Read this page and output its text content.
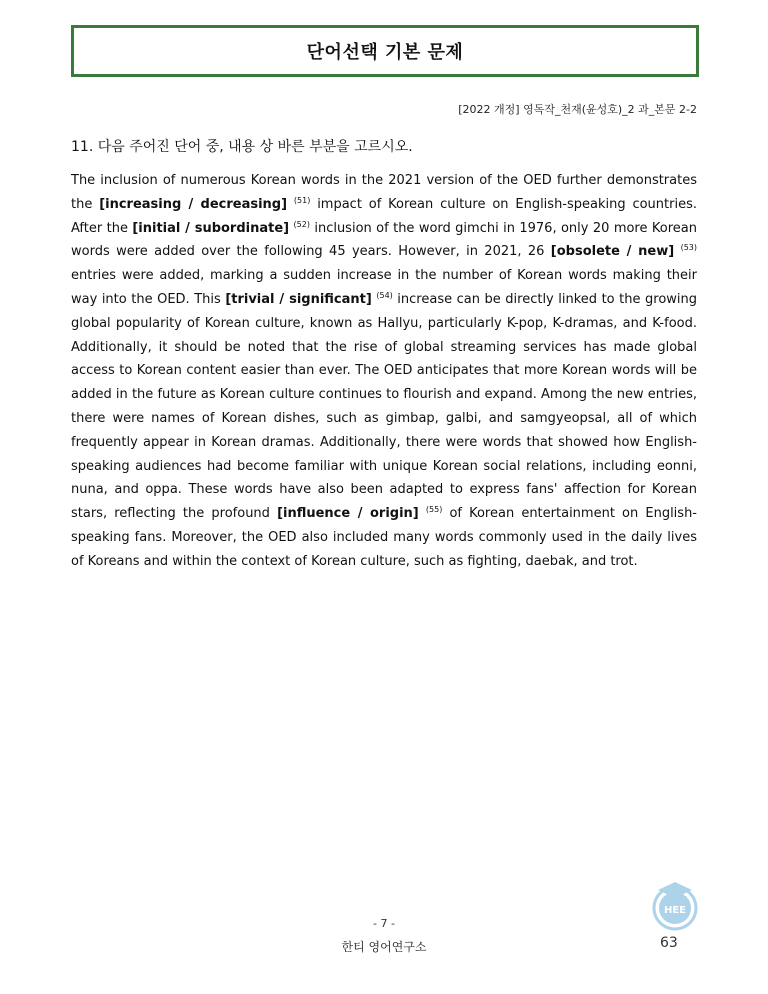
단어선택 기본 문제
[2022 개정] 영독작_천재(윤성호)_2 과_본문 2-2
11. 다음 주어진 단어 중, 내용 상 바른 부분을 고르시오.
The inclusion of numerous Korean words in the 2021 version of the OED further demonstrates the [increasing / decreasing] $^{(51)}$ impact of Korean culture on English-speaking countries. After the [initial / subordinate] $^{(52)}$ inclusion of the word gimchi in 1976, only 20 more Korean words were added over the following 45 years. However, in 2021, 26 [obsolete / new] $^{(53)}$ entries were added, marking a sudden increase in the number of Korean words making their way into the OED. This [trivial / significant] $^{(54)}$ increase can be directly linked to the growing global popularity of Korean culture, known as Hallyu, particularly K-pop, K-dramas, and K-food. Additionally, it should be noted that the rise of global streaming services has made global access to Korean content easier than ever. The OED anticipates that more Korean words will be added in the future as Korean culture continues to flourish and expand. Among the new entries, there were names of Korean dishes, such as gimbap, galbi, and samgyeopsal, all of which frequently appear in Korean dramas. Additionally, there were words that showed how English-speaking audiences had become familiar with unique Korean social relations, including eonni, nuna, and oppa. These words have also been adapted to express fans' affection for Korean stars, reflecting the profound [influence / origin] $^{(55)}$ of Korean entertainment on English-speaking fans. Moreover, the OED also included many words commonly used in the daily lives of Koreans and within the context of Korean culture, such as fighting, daebak, and trot.
HEE
- 7 -
한티 영어연구소	63
